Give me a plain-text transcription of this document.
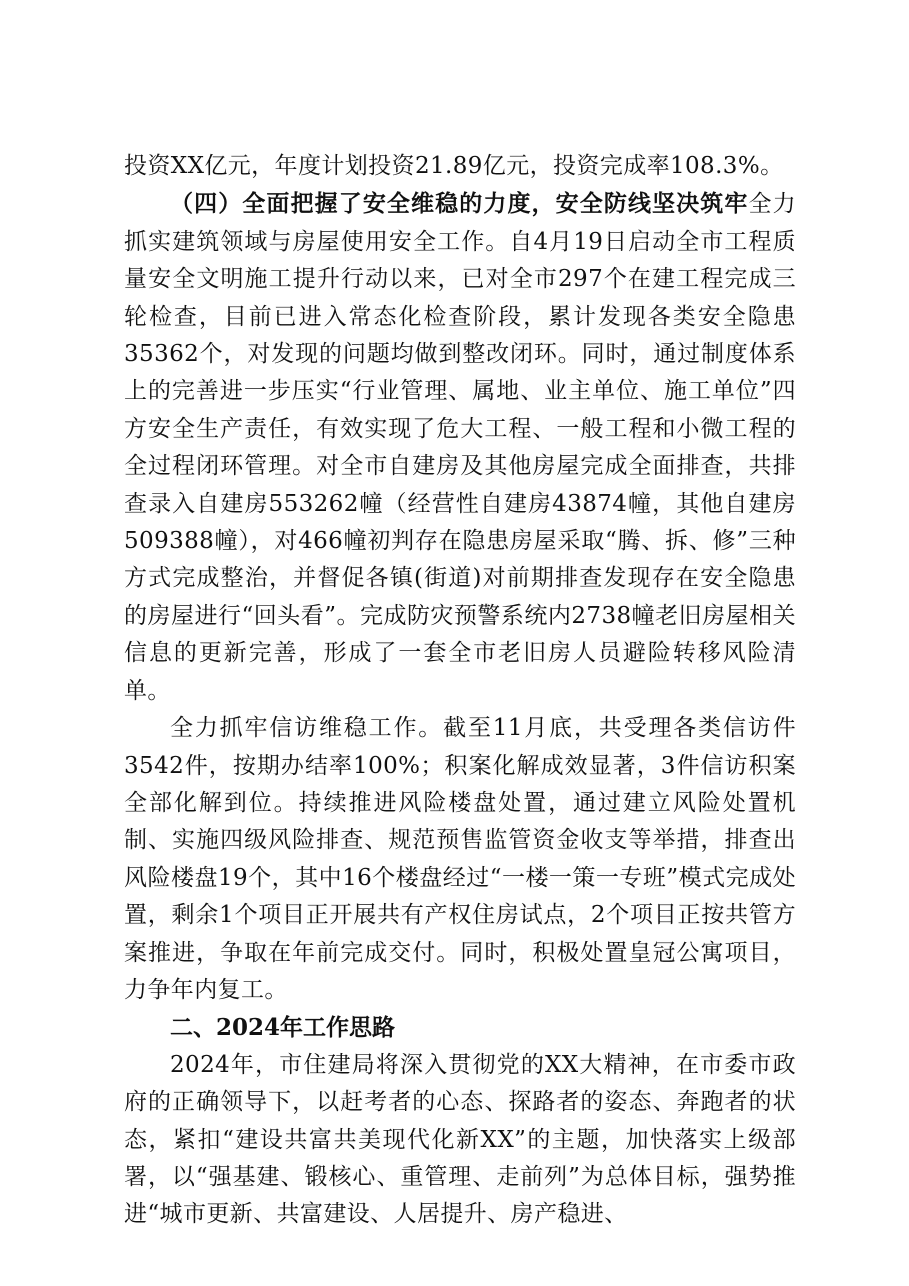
投资XX亿元，年度计划投资21.89亿元，投资完成率108.3%。

（四）全面把握了安全维稳的力度，安全防线坚决筑牢全力抓实建筑领域与房屋使用安全工作。自4月19日启动全市工程质量安全文明施工提升行动以来，已对全市297个在建工程完成三轮检查，目前已进入常态化检查阶段，累计发现各类安全隐患35362个，对发现的问题均做到整改闭环。同时，通过制度体系上的完善进一步压实“行业管理、属地、业主单位、施工单位”四方安全生产责任，有效实现了危大工程、一般工程和小微工程的全过程闭环管理。对全市自建房及其他房屋完成全面排查，共排查录入自建房553262幢（经营性自建房43874幢，其他自建房509388幢），对466幢初判存在隐患房屋采取“腾、拆、修”三种方式完成整治，并督促各镇(街道)对前期排查发现存在安全隐患的房屋进行“回头看”。完成防灾预警系统内2738幢老旧房屋相关信息的更新完善，形成了一套全市老旧房人员避险转移风险清单。

全力抓牢信访维稳工作。截至11月底，共受理各类信访件3542件，按期办结率100%；积案化解成效显著，3件信访积案全部化解到位。持续推进风险楼盘处置，通过建立风险处置机制、实施四级风险排查、规范预售监管资金收支等举措，排查出风险楼盘19个，其中16个楼盘经过“一楼一策一专班”模式完成处置，剩余1个项目正开展共有产权住房试点，2个项目正按共管方案推进，争取在年前完成交付。同时，积极处置皇冠公寓项目，力争年内复工。

二、2024年工作思路

2024年，市住建局将深入贯彻党的XX大精神，在市委市政府的正确领导下，以赶考者的心态、探路者的姿态、奔跑者的状态，紧扣“建设共富共美现代化新XX”的主题，加快落实上级部署，以“强基建、锻核心、重管理、走前列”为总体目标，强势推进“城市更新、共富建设、人居提升、房产稳进、
